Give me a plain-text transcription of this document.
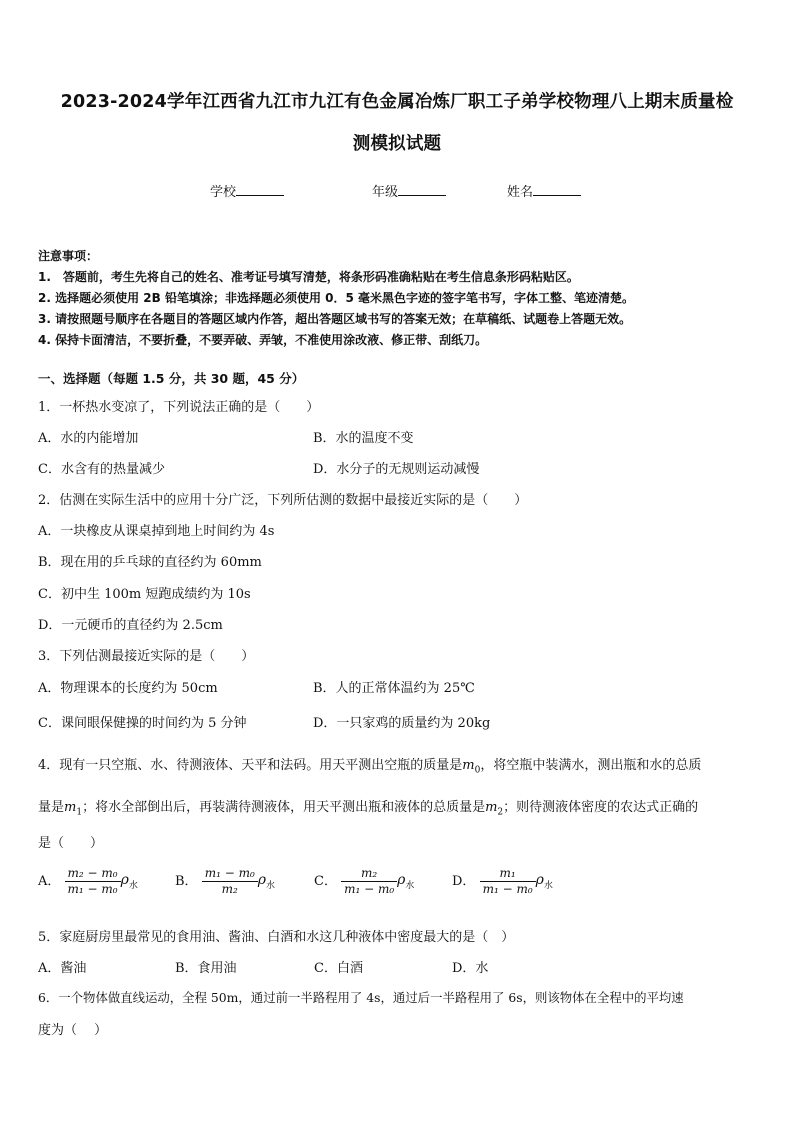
2023-2024学年江西省九江市九江有色金属冶炼厂职工子弟学校物理八上期末质量检
测模拟试题
学校	年级	姓名
注意事项：
1.　答题前，考生先将自己的姓名、准考证号填写清楚，将条形码准确粘贴在考生信息条形码粘贴区。
2. 选择题必须使用 2B 铅笔填涂；非选择题必须使用 0．5 毫米黑色字迹的签字笔书写，字体工整、笔迹清楚。
3. 请按照题号顺序在各题目的答题区域内作答，超出答题区域书写的答案无效；在草稿纸、试题卷上答题无效。
4. 保持卡面清洁，不要折叠，不要弄破、弄皱，不准使用涂改液、修正带、刮纸刀。
一、选择题（每题 1.5 分，共 30 题，45 分）
1．一杯热水变凉了，下列说法正确的是（　　）
A．水的内能增加	B．水的温度不变
C．水含有的热量减少	D．水分子的无规则运动减慢
2．估测在实际生活中的应用十分广泛，下列所估测的数据中最接近实际的是（　　）
A．一块橡皮从课桌掉到地上时间约为 4s
B．现在用的乒乓球的直径约为 60mm
C．初中生 100m 短跑成绩约为 10s
D．一元硬币的直径约为 2.5cm
3．下列估测最接近实际的是（　　）
A．物理课本的长度约为 50cm	B．人的正常体温约为 25℃
C．课间眼保健操的时间约为 5 分钟	D．一只家鸡的质量约为 20kg
4．现有一只空瓶、水、待测液体、天平和法码。用天平测出空瓶的质量是$m_0$，将空瓶中装满水，测出瓶和水的总质
量是$m_1$；将水全部倒出后，再装满待测液体，用天平测出瓶和液体的总质量是$m_2$；则待测液体密度的农达式正确的
是（　　）
A． $\frac{\text{m₂ − m₀}}{\text{m₁ − m₀}} \rho_水$	B． $\frac{\text{m₁ − m₀}}{\text{m₂}} \rho_水$	C． $\frac{\text{m₂}}{\text{m₁ − m₀}} \rho_水$	D． $\frac{\text{m₁}}{\text{m₁ − m₀}} \rho_水$
5．家庭厨房里最常见的食用油、酱油、白酒和水这几种液体中密度最大的是（　）
A．酱油	B．食用油	C．白酒	D．水
6．一个物体做直线运动，全程 50m，通过前一半路程用了 4s，通过后一半路程用了 6s，则该物体在全程中的平均速
度为（　 ）
